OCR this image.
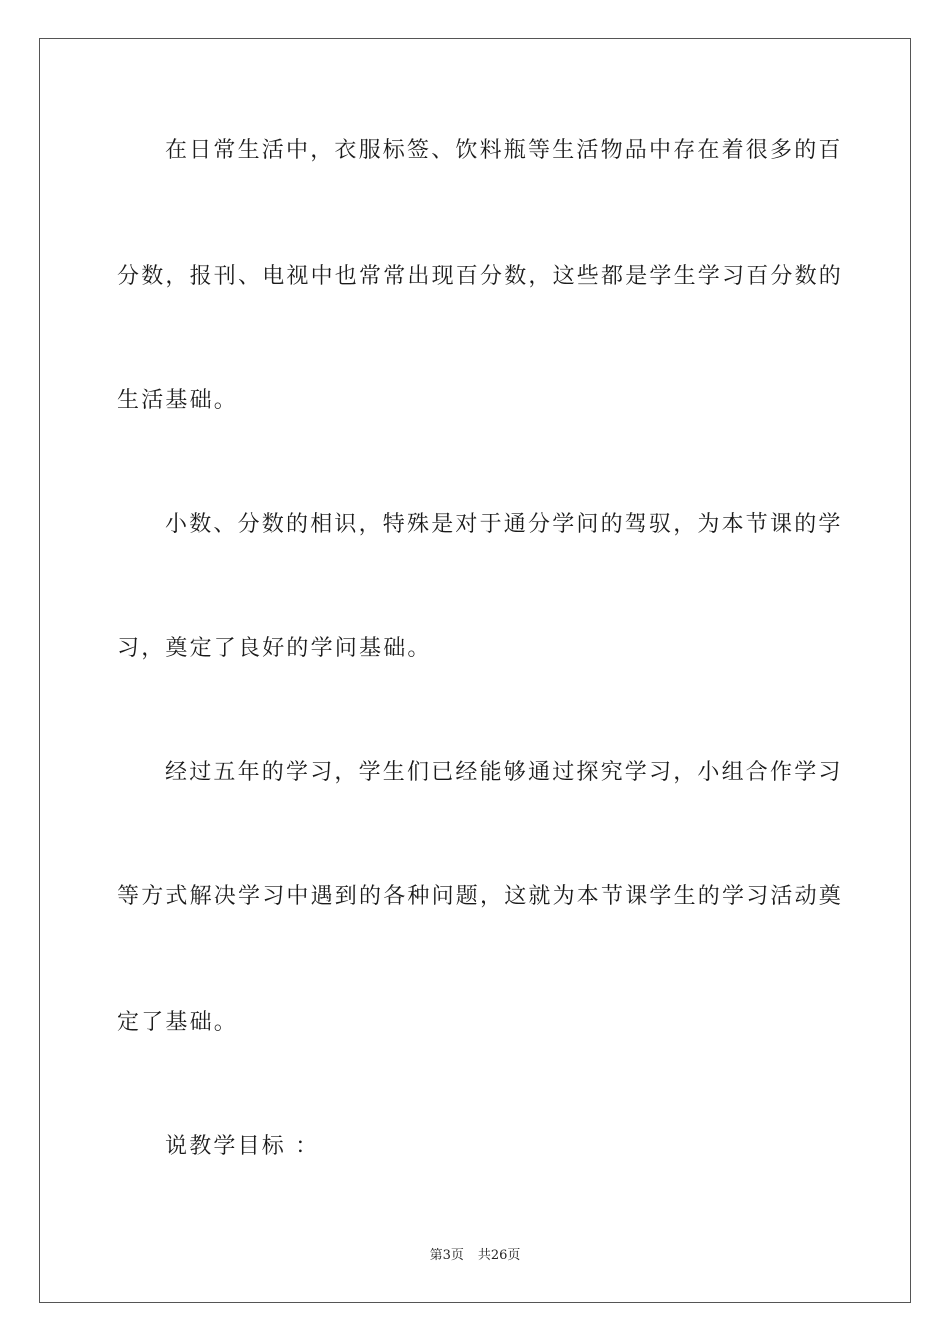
在日常生活中，衣服标签、饮料瓶等生活物品中存在着很多的百
分数，报刊、电视中也常常出现百分数，这些都是学生学习百分数的
生活基础。
小数、分数的相识，特殊是对于通分学问的驾驭，为本节课的学
习，奠定了良好的学问基础。
经过五年的学习，学生们已经能够通过探究学习，小组合作学习
等方式解决学习中遇到的各种问题，这就为本节课学生的学习活动奠
定了基础。
说教学目标 ：
第3页 共26页
